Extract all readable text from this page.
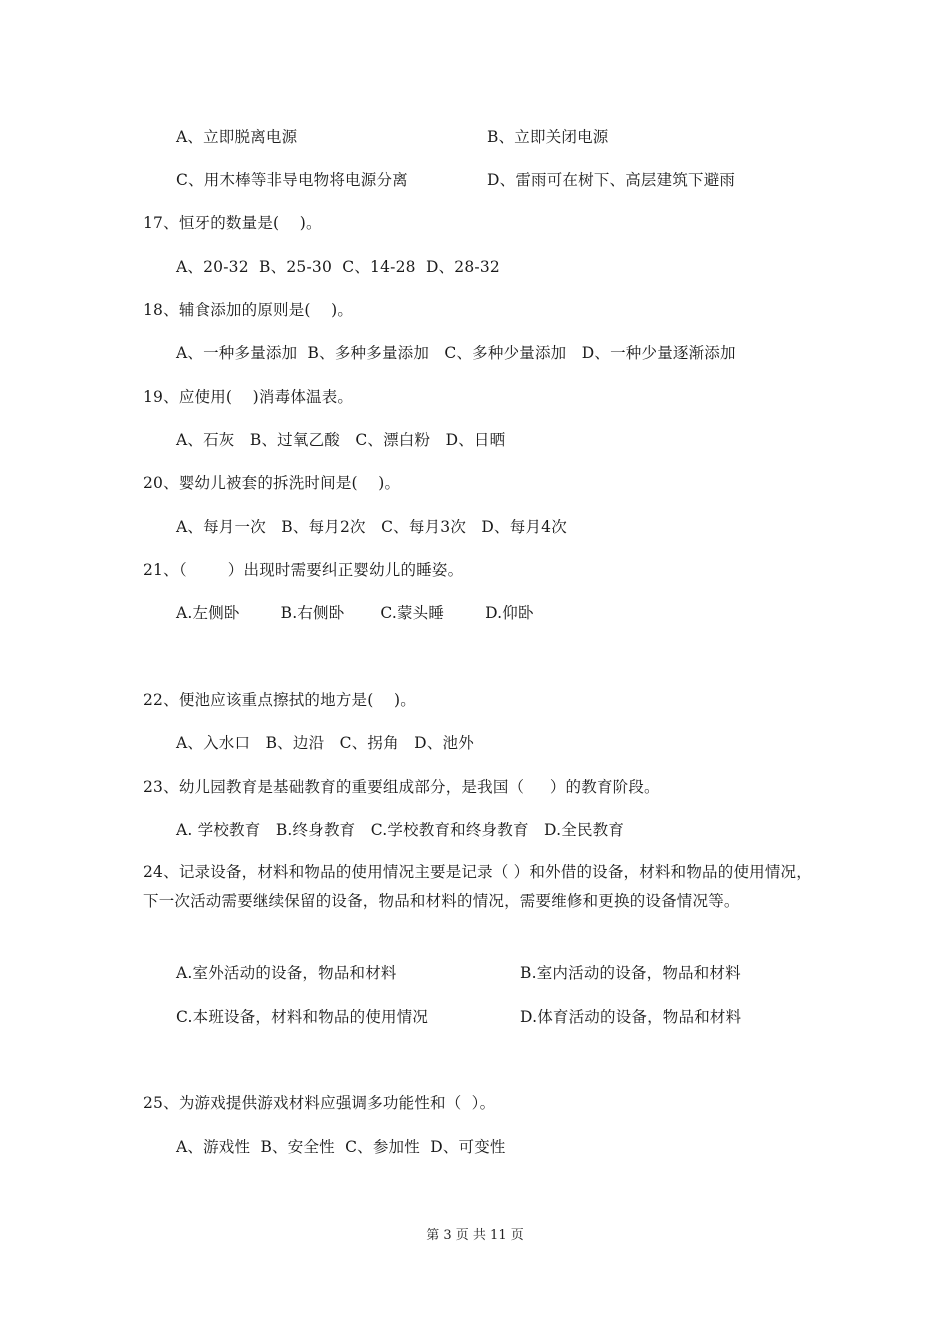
A、立即脱离电源	B、立即关闭电源
C、用木棒等非导电物将电源分离	D、雷雨可在树下、高层建筑下避雨
17、恒牙的数量是(    )。
A、20-32  B、25-30  C、14-28  D、28-32
18、辅食添加的原则是(    )。
A、一种多量添加  B、多种多量添加   C、多种少量添加   D、一种少量逐渐添加
19、应使用(    )消毒体温表。
A、石灰   B、过氧乙酸   C、漂白粉   D、日晒
20、婴幼儿被套的拆洗时间是(    )。
A、每月一次   B、每月2次   C、每月3次   D、每月4次
21、（        ）出现时需要纠正婴幼儿的睡姿。
A.左侧卧        B.右侧卧       C.蒙头睡        D.仰卧
22、便池应该重点擦拭的地方是(    )。
A、入水口   B、边沿   C、拐角   D、池外
23、幼儿园教育是基础教育的重要组成部分，是我国（     ）的教育阶段。
A. 学校教育   B.终身教育   C.学校教育和终身教育   D.全民教育
24、记录设备，材料和物品的使用情况主要是记录（ ）和外借的设备，材料和物品的使用情况，下一次活动需要继续保留的设备，物品和材料的情况，需要维修和更换的设备情况等。
A.室外活动的设备，物品和材料	B.室内活动的设备，物品和材料
C.本班设备，材料和物品的使用情况	D.体育活动的设备，物品和材料
25、为游戏提供游戏材料应强调多功能性和（  ）。
A、游戏性  B、安全性  C、参加性  D、可变性
第 3 页 共 11 页
